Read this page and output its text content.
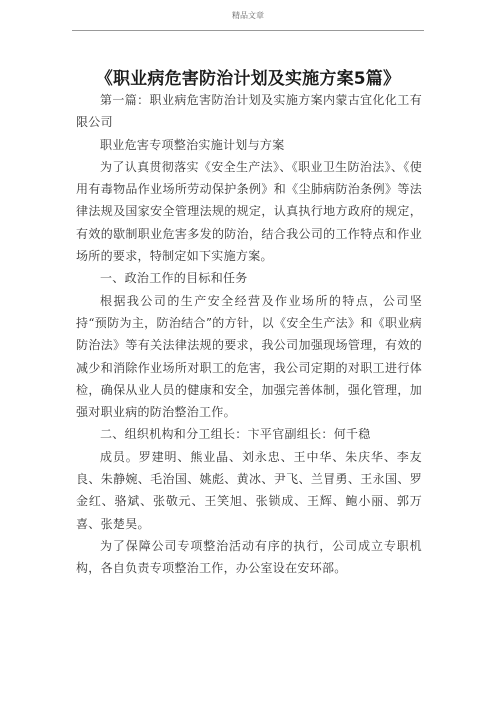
精品文章
《职业病危害防治计划及实施方案5篇》

第一篇：职业病危害防治计划及实施方案内蒙古宜化化工有限公司

职业危害专项整治实施计划与方案

为了认真贯彻落实《安全生产法》、《职业卫生防治法》、《使用有毒物品作业场所劳动保护条例》和《尘肺病防治条例》等法律法规及国家安全管理法规的规定，认真执行地方政府的规定，有效的歇制职业危害多发的防治，结合我公司的工作特点和作业场所的要求，特制定如下实施方案。

一、政治工作的目标和任务

根据我公司的生产安全经营及作业场所的特点，公司坚持“预防为主，防治结合”的方针，以《安全生产法》和《职业病防治法》等有关法律法规的要求，我公司加强现场管理，有效的减少和消除作业场所对职工的危害，我公司定期的对职工进行体检，确保从业人员的健康和安全，加强完善体制，强化管理，加强对职业病的防治整治工作。

二、组织机构和分工组长：卞平官副组长：何千稳

成员。罗建明、熊业晶、刘永忠、王中华、朱庆华、李友良、朱静婉、毛治国、姚彪、黄冰、尹飞、兰冒勇、王永国、罗金红、骆斌、张敬元、王笑旭、张锁成、王辉、鲍小丽、郭万喜、张楚昊。

为了保障公司专项整治活动有序的执行，公司成立专职机构，各自负责专项整治工作，办公室设在安环部。
